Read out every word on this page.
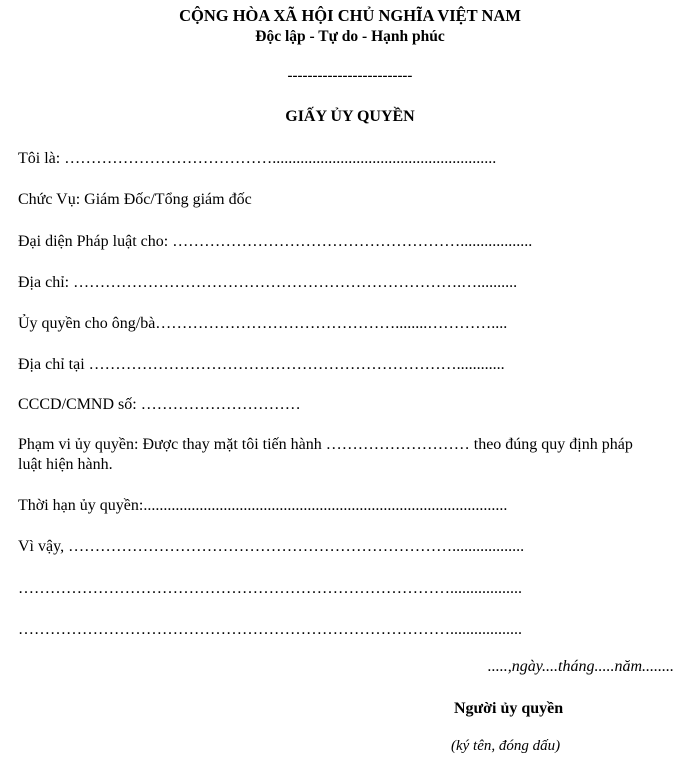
CỘNG HÒA XÃ HỘI CHỦ NGHĨA VIỆT NAM
Độc lập - Tự do - Hạnh phúc
-------------------------
GIẤY ỦY QUYỀN
Tôi là: …………………………………........................................................
Chức Vụ: Giám Đốc/Tổng giám đốc
Đại diện Pháp luật cho: ………………………………………………..................
Địa chỉ: ……………………………………………………………….…..........
Ủy quyền cho ông/bà………………………………………........…………....
Địa chỉ tại ……………………………………………………………............
CCCD/CMND số: …………………………
Phạm vi ủy quyền: Được thay mặt tôi tiến hành ……………………… theo đúng quy định pháp luật hiện hành.
Thời hạn ủy quyền:...........................................................................................
Vì vậy, ………………………………………………………………..................
………………………………………………………………………..................
………………………………………………………………………..................
.....,ngày....tháng.....năm........
Người ủy quyền
(ký tên, đóng dấu)
